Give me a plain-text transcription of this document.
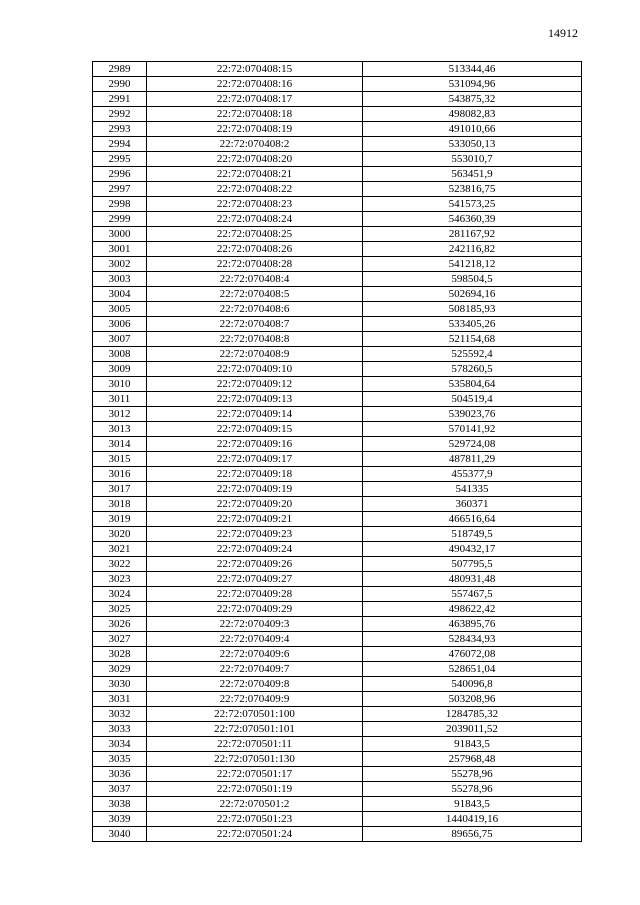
14912
2989	22:72:070408:15	513344,46
2990	22:72:070408:16	531094,96
2991	22:72:070408:17	543875,32
2992	22:72:070408:18	498082,83
2993	22:72:070408:19	491010,66
2994	22:72:070408:2	533050,13
2995	22:72:070408:20	553010,7
2996	22:72:070408:21	563451,9
2997	22:72:070408:22	523816,75
2998	22:72:070408:23	541573,25
2999	22:72:070408:24	546360,39
3000	22:72:070408:25	281167,92
3001	22:72:070408:26	242116,82
3002	22:72:070408:28	541218,12
3003	22:72:070408:4	598504,5
3004	22:72:070408:5	502694,16
3005	22:72:070408:6	508185,93
3006	22:72:070408:7	533405,26
3007	22:72:070408:8	521154,68
3008	22:72:070408:9	525592,4
3009	22:72:070409:10	578260,5
3010	22:72:070409:12	535804,64
3011	22:72:070409:13	504519,4
3012	22:72:070409:14	539023,76
3013	22:72:070409:15	570141,92
3014	22:72:070409:16	529724,08
3015	22:72:070409:17	487811,29
3016	22:72:070409:18	455377,9
3017	22:72:070409:19	541335
3018	22:72:070409:20	360371
3019	22:72:070409:21	466516,64
3020	22:72:070409:23	518749,5
3021	22:72:070409:24	490432,17
3022	22:72:070409:26	507795,5
3023	22:72:070409:27	480931,48
3024	22:72:070409:28	557467,5
3025	22:72:070409:29	498622,42
3026	22:72:070409:3	463895,76
3027	22:72:070409:4	528434,93
3028	22:72:070409:6	476072,08
3029	22:72:070409:7	528651,04
3030	22:72:070409:8	540096,8
3031	22:72:070409:9	503208,96
3032	22:72:070501:100	1284785,32
3033	22:72:070501:101	2039011,52
3034	22:72:070501:11	91843,5
3035	22:72:070501:130	257968,48
3036	22:72:070501:17	55278,96
3037	22:72:070501:19	55278,96
3038	22:72:070501:2	91843,5
3039	22:72:070501:23	1440419,16
3040	22:72:070501:24	89656,75
